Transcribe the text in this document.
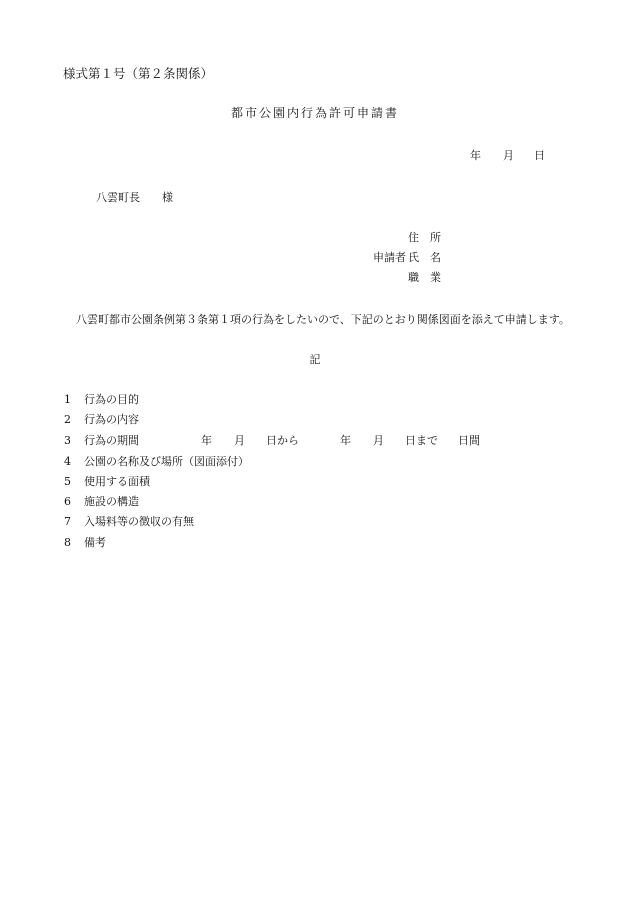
様式第１号（第２条関係）
都市公園内行為許可申請書
年 月 日
八雲町長　　様
住　所
申請者 氏　名
職　業
八雲町都市公園条例第３条第１項の行為をしたいので、下記のとおり関係図面を添えて申請します。
記
1 行為の目的
2 行為の内容
3 行為の期間
4 公園の名称及び場所（図面添付）
5 使用する面積
6 施設の構造
7 入場料等の徴収の有無
8 備考
年 月 日から	年 月 日まで 日間
